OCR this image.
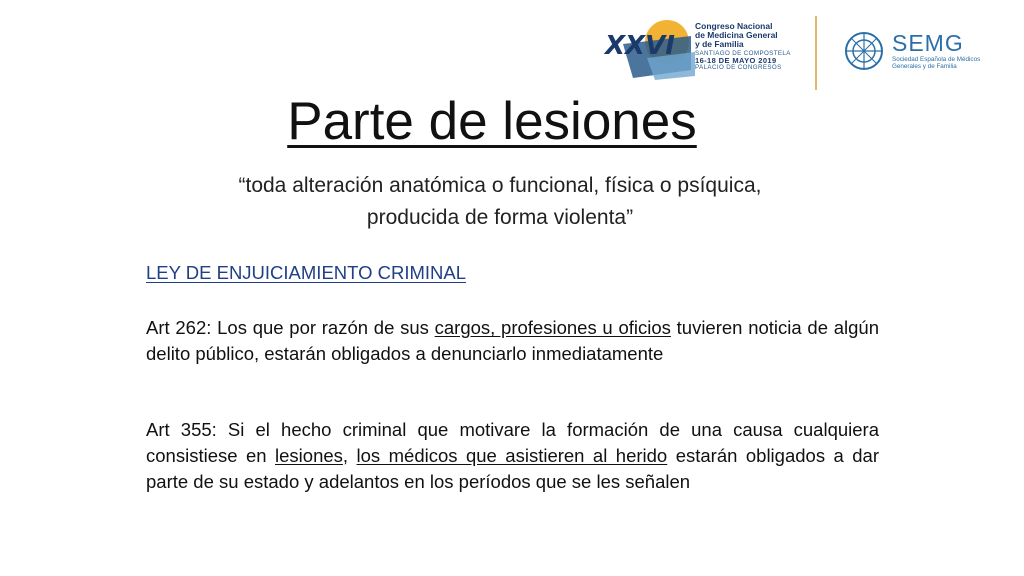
XXVI
Congreso Nacional
de Medicina General
y de Familia
SANTIAGO DE COMPOSTELA
16-18 DE MAYO 2019
PALACIO DE CONGRESOS
SEMG
Sociedad Española de Médicos
Generales y de Familia
Parte de lesiones
“toda alteración anatómica o funcional, física o psíquica,
producida de forma violenta”
LEY DE ENJUICIAMIENTO CRIMINAL
Art 262: Los que por razón de sus cargos, profesiones u oficios tuvieren noticia de algún delito público, estarán obligados a denunciarlo inmediatamente
Art 355: Si el hecho criminal que motivare la formación de una causa cualquiera consistiese en lesiones, los médicos que asistieren al herido estarán obligados a dar parte de su estado y adelantos en los períodos que se les señalen
